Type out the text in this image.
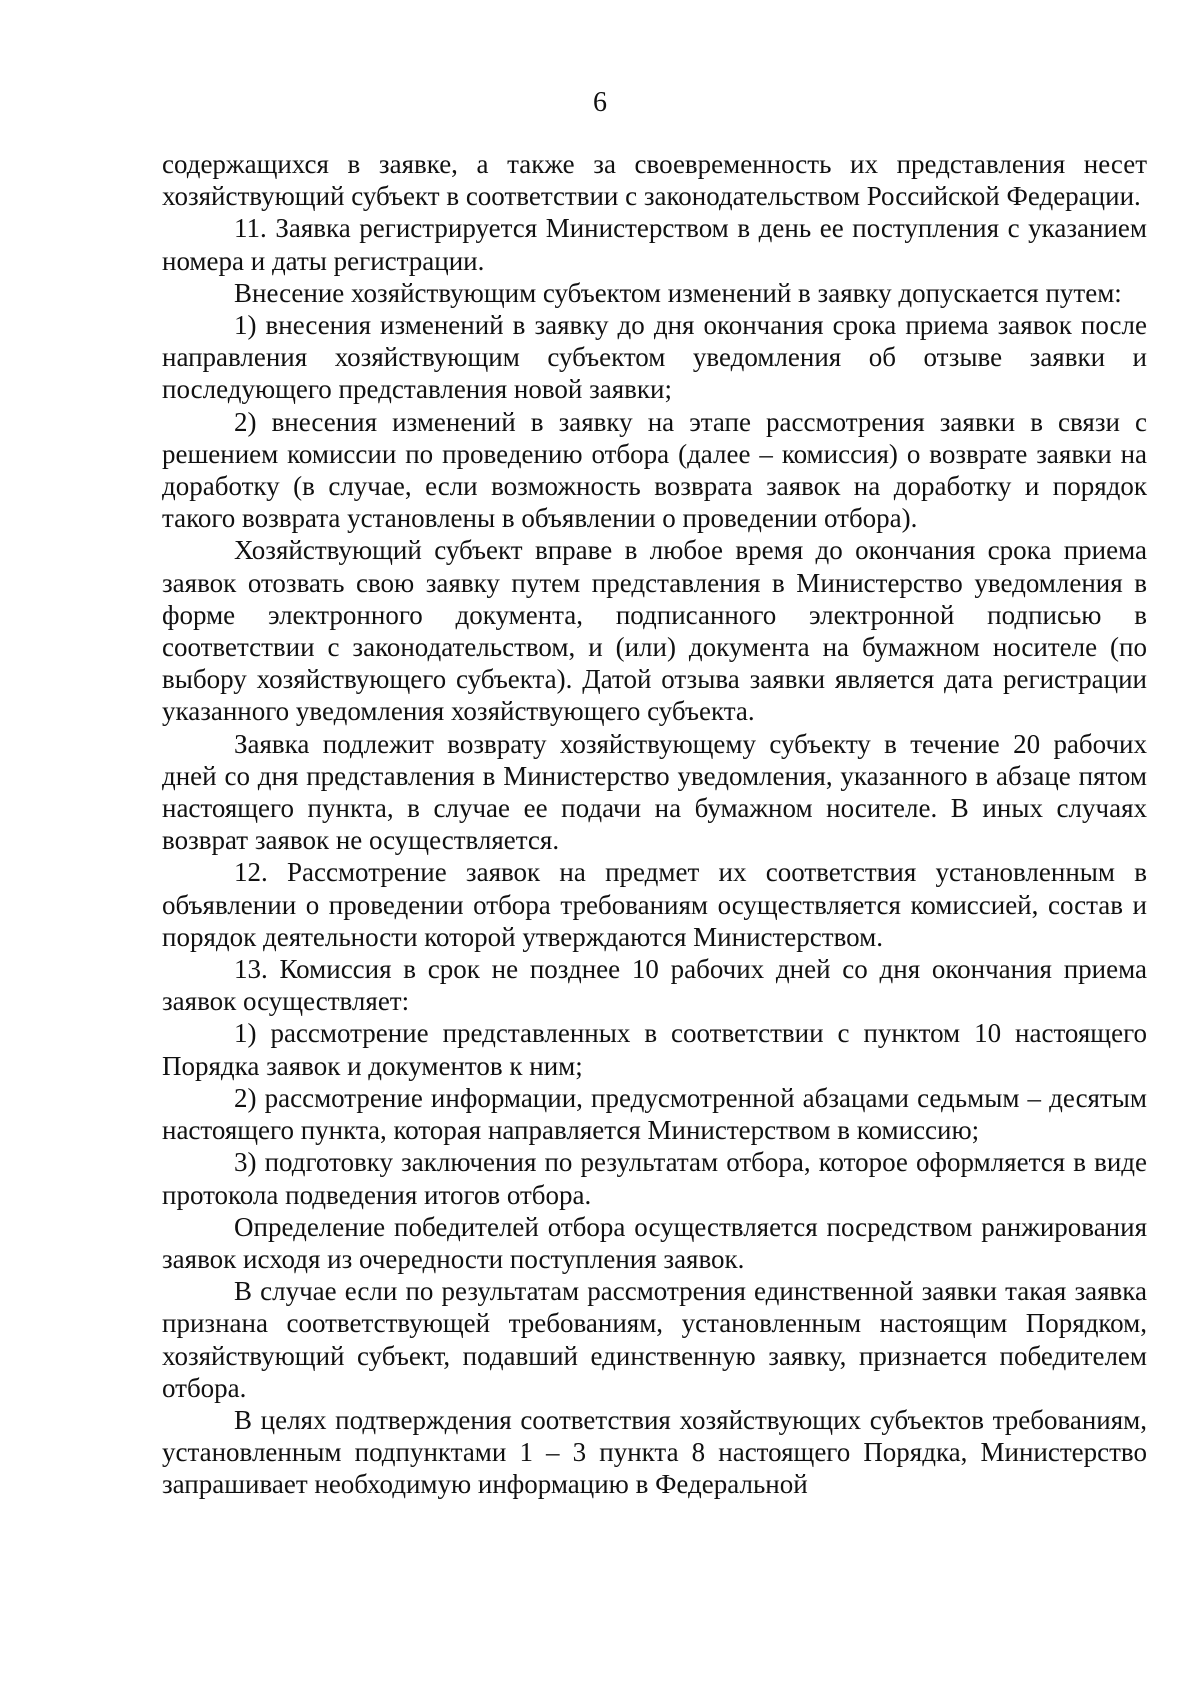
6

содержащихся в заявке, а также за своевременность их представления несет хозяйствующий субъект в соответствии с законодательством Российской Федерации.

11. Заявка регистрируется Министерством в день ее поступления с указанием номера и даты регистрации.

Внесение хозяйствующим субъектом изменений в заявку допускается путем:

1) внесения изменений в заявку до дня окончания срока приема заявок после направления хозяйствующим субъектом уведомления об отзыве заявки и последующего представления новой заявки;

2) внесения изменений в заявку на этапе рассмотрения заявки в связи с решением комиссии по проведению отбора (далее – комиссия) о возврате заявки на доработку (в случае, если возможность возврата заявок на доработку и порядок такого возврата установлены в объявлении о проведении отбора).

Хозяйствующий субъект вправе в любое время до окончания срока приема заявок отозвать свою заявку путем представления в Министерство уведомления в форме электронного документа, подписанного электронной подписью в соответствии с законодательством, и (или) документа на бумажном носителе (по выбору хозяйствующего субъекта). Датой отзыва заявки является дата регистрации указанного уведомления хозяйствующего субъекта.

Заявка подлежит возврату хозяйствующему субъекту в течение 20 рабочих дней со дня представления в Министерство уведомления, указанного в абзаце пятом настоящего пункта, в случае ее подачи на бумажном носителе. В иных случаях возврат заявок не осуществляется.

12. Рассмотрение заявок на предмет их соответствия установленным в объявлении о проведении отбора требованиям осуществляется комиссией, состав и порядок деятельности которой утверждаются Министерством.

13. Комиссия в срок не позднее 10 рабочих дней со дня окончания приема заявок осуществляет:

1) рассмотрение представленных в соответствии с пунктом 10 настоящего Порядка заявок и документов к ним;

2) рассмотрение информации, предусмотренной абзацами седьмым – десятым настоящего пункта, которая направляется Министерством в комиссию;

3) подготовку заключения по результатам отбора, которое оформляется в виде протокола подведения итогов отбора.

Определение победителей отбора осуществляется посредством ранжирования заявок исходя из очередности поступления заявок.

В случае если по результатам рассмотрения единственной заявки такая заявка признана соответствующей требованиям, установленным настоящим Порядком, хозяйствующий субъект, подавший единственную заявку, признается победителем отбора.

В целях подтверждения соответствия хозяйствующих субъектов требованиям, установленным подпунктами 1 – 3 пункта 8 настоящего Порядка, Министерство запрашивает необходимую информацию в Федеральной
